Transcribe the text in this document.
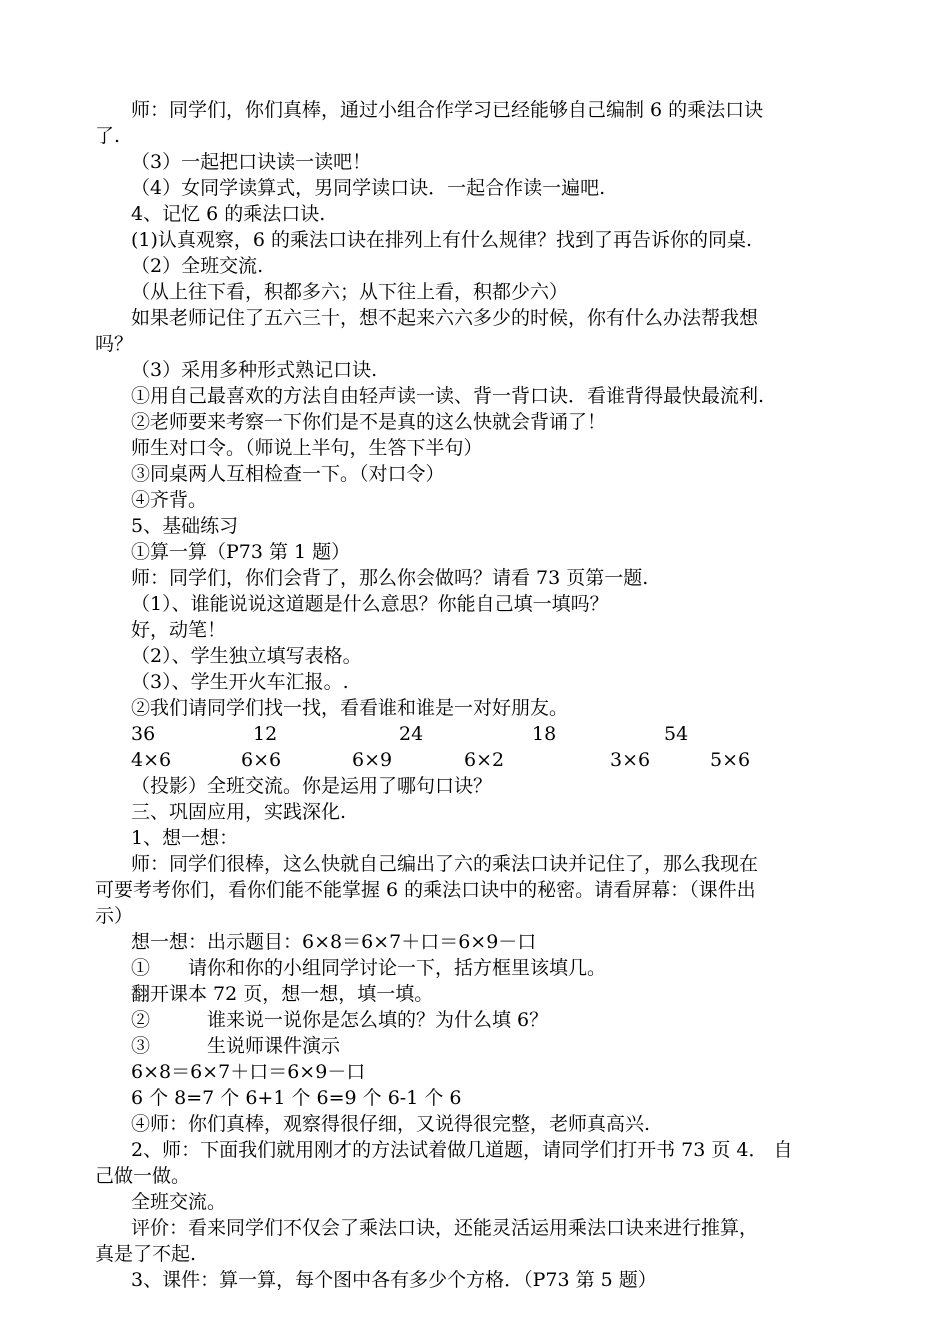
师：同学们，你们真棒，通过小组合作学习已经能够自己编制 6 的乘法口诀
了.
（3）一起把口诀读一读吧！
（4）女同学读算式，男同学读口诀．一起合作读一遍吧.
4、记忆 6 的乘法口诀.
(1)认真观察，6 的乘法口诀在排列上有什么规律？找到了再告诉你的同桌.
（2）全班交流.
（从上往下看，积都多六；从下往上看，积都少六）
如果老师记住了五六三十，想不起来六六多少的时候，你有什么办法帮我想
吗？
（3）采用多种形式熟记口诀.
①用自己最喜欢的方法自由轻声读一读、背一背口诀．看谁背得最快最流利.
②老师要来考察一下你们是不是真的这么快就会背诵了！
师生对口令。（师说上半句，生答下半句）
③同桌两人互相检查一下。（对口令）
④齐背。
5、基础练习
①算一算（P73 第 1 题）
师：同学们，你们会背了，那么你会做吗？请看 73 页第一题.
（1）、谁能说说这道题是什么意思？你能自己填一填吗？
好，动笔！
（2）、学生独立填写表格。
（3）、学生开火车汇报。.
②我们请同学们找一找，看看谁和谁是一对好朋友。
36	12	24	18	54
4×6	6×6	6×9	6×2	3×6	5×6
（投影）全班交流。你是运用了哪句口诀？
三、巩固应用，实践深化.
1、想一想：
师：同学们很棒，这么快就自己编出了六的乘法口诀并记住了，那么我现在
可要考考你们，看你们能不能掌握 6 的乘法口诀中的秘密。请看屏幕：（课件出
示）
想一想：出示题目：6×8＝6×7＋口＝6×9－口
①　　请你和你的小组同学讨论一下，括方框里该填几。
翻开课本 72 页，想一想，填一填。
②　　　谁来说一说你是怎么填的？为什么填 6？
③　　　生说师课件演示
6×8＝6×7＋口＝6×9－口
6 个 8=7 个 6+1 个 6=9 个 6-1 个 6
④师：你们真棒，观察得很仔细，又说得很完整，老师真高兴.
2、师：下面我们就用刚才的方法试着做几道题，请同学们打开书 73 页 4． 自
己做一做。
全班交流。
评价：看来同学们不仅会了乘法口诀，还能灵活运用乘法口诀来进行推算，
真是了不起.
3、课件：算一算，每个图中各有多少个方格．（P73 第 5 题）
